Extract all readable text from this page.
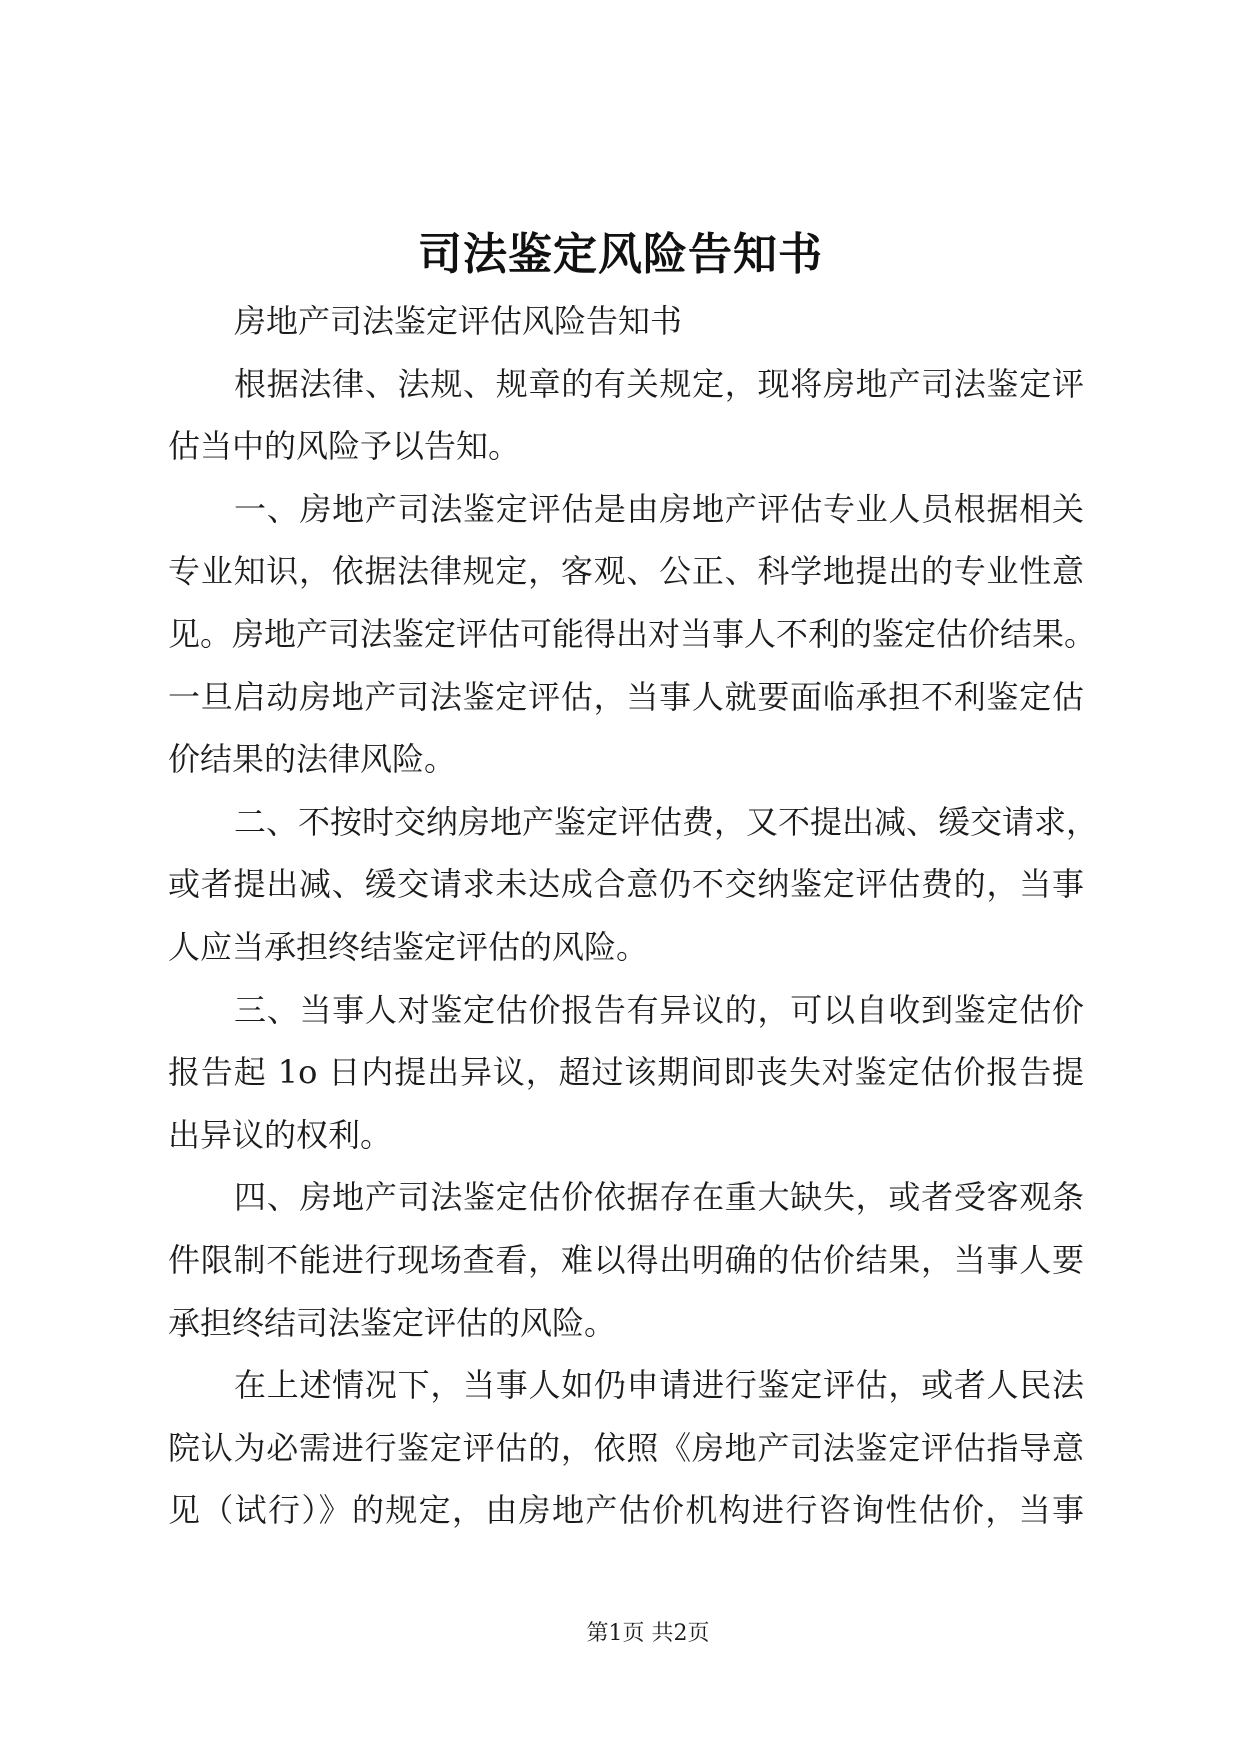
司法鉴定风险告知书
房地产司法鉴定评估风险告知书
根据法律、法规、规章的有关规定，现将房地产司法鉴定评
估当中的风险予以告知。
一、房地产司法鉴定评估是由房地产评估专业人员根据相关
专业知识，依据法律规定，客观、公正、科学地提出的专业性意
见。房地产司法鉴定评估可能得出对当事人不利的鉴定估价结果。
一旦启动房地产司法鉴定评估，当事人就要面临承担不利鉴定估
价结果的法律风险。
二、不按时交纳房地产鉴定评估费，又不提出减、缓交请求，
或者提出减、缓交请求未达成合意仍不交纳鉴定评估费的，当事
人应当承担终结鉴定评估的风险。
三、当事人对鉴定估价报告有异议的，可以自收到鉴定估价
报告起 1o 日内提出异议，超过该期间即丧失对鉴定估价报告提
出异议的权利。
四、房地产司法鉴定估价依据存在重大缺失，或者受客观条
件限制不能进行现场查看，难以得出明确的估价结果，当事人要
承担终结司法鉴定评估的风险。
在上述情况下，当事人如仍申请进行鉴定评估，或者人民法
院认为必需进行鉴定评估的，依照《房地产司法鉴定评估指导意
见（试行）》的规定，由房地产估价机构进行咨询性估价，当事
第1页 共2页
